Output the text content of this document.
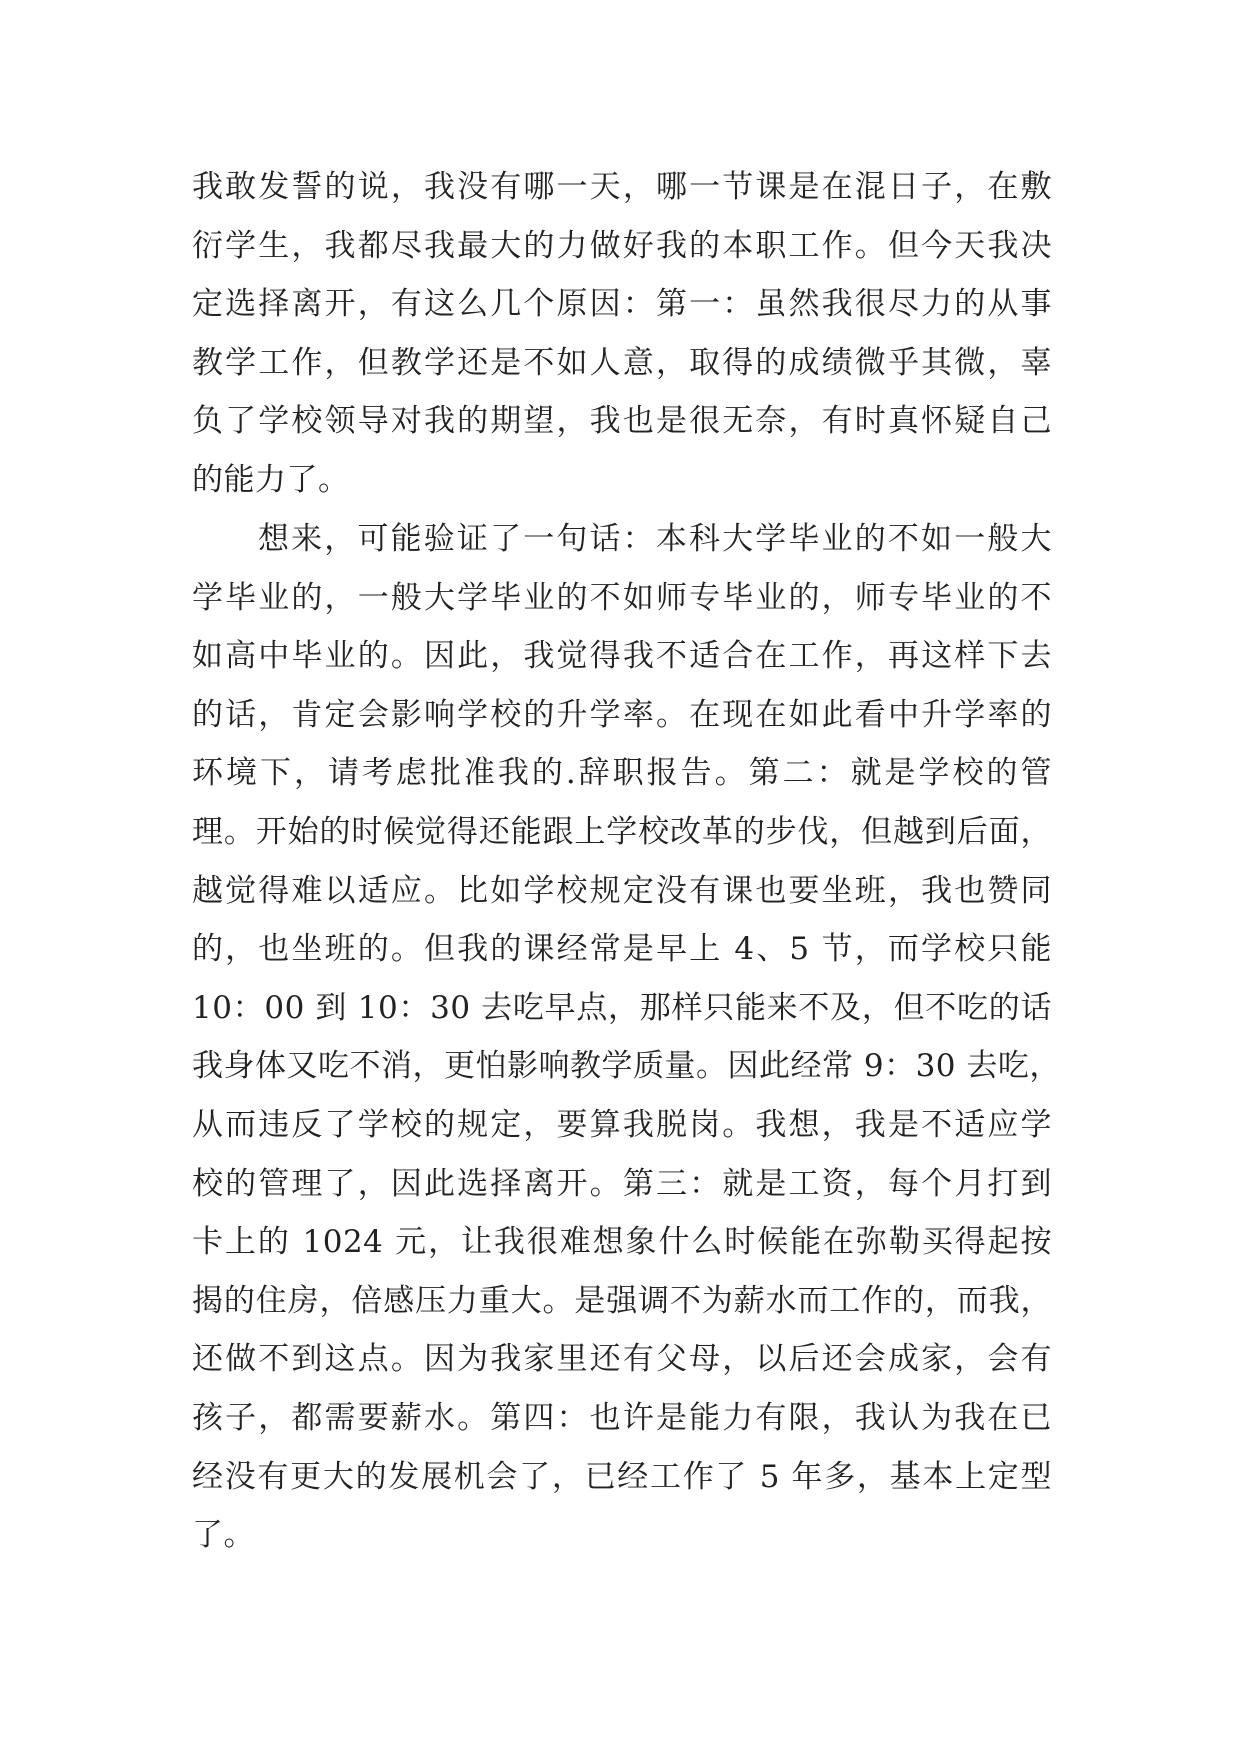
我敢发誓的说，我没有哪一天，哪一节课是在混日子，在敷
衍学生，我都尽我最大的力做好我的本职工作。但今天我决
定选择离开，有这么几个原因：第一：虽然我很尽力的从事
教学工作，但教学还是不如人意，取得的成绩微乎其微，辜
负了学校领导对我的期望，我也是很无奈，有时真怀疑自己
的能力了。
想来，可能验证了一句话：本科大学毕业的不如一般大
学毕业的，一般大学毕业的不如师专毕业的，师专毕业的不
如高中毕业的。因此，我觉得我不适合在工作，再这样下去
的话，肯定会影响学校的升学率。在现在如此看中升学率的
环境下，请考虑批准我的.辞职报告。第二：就是学校的管
理。开始的时候觉得还能跟上学校改革的步伐，但越到后面，
越觉得难以适应。比如学校规定没有课也要坐班，我也赞同
的，也坐班的。但我的课经常是早上 4、5 节，而学校只能
10：00 到 10：30 去吃早点，那样只能来不及，但不吃的话
我身体又吃不消，更怕影响教学质量。因此经常 9：30 去吃，
从而违反了学校的规定，要算我脱岗。我想，我是不适应学
校的管理了，因此选择离开。第三：就是工资，每个月打到
卡上的 1024 元，让我很难想象什么时候能在弥勒买得起按
揭的住房，倍感压力重大。是强调不为薪水而工作的，而我，
还做不到这点。因为我家里还有父母，以后还会成家，会有
孩子，都需要薪水。第四：也许是能力有限，我认为我在已
经没有更大的发展机会了，已经工作了 5 年多，基本上定型
了。
